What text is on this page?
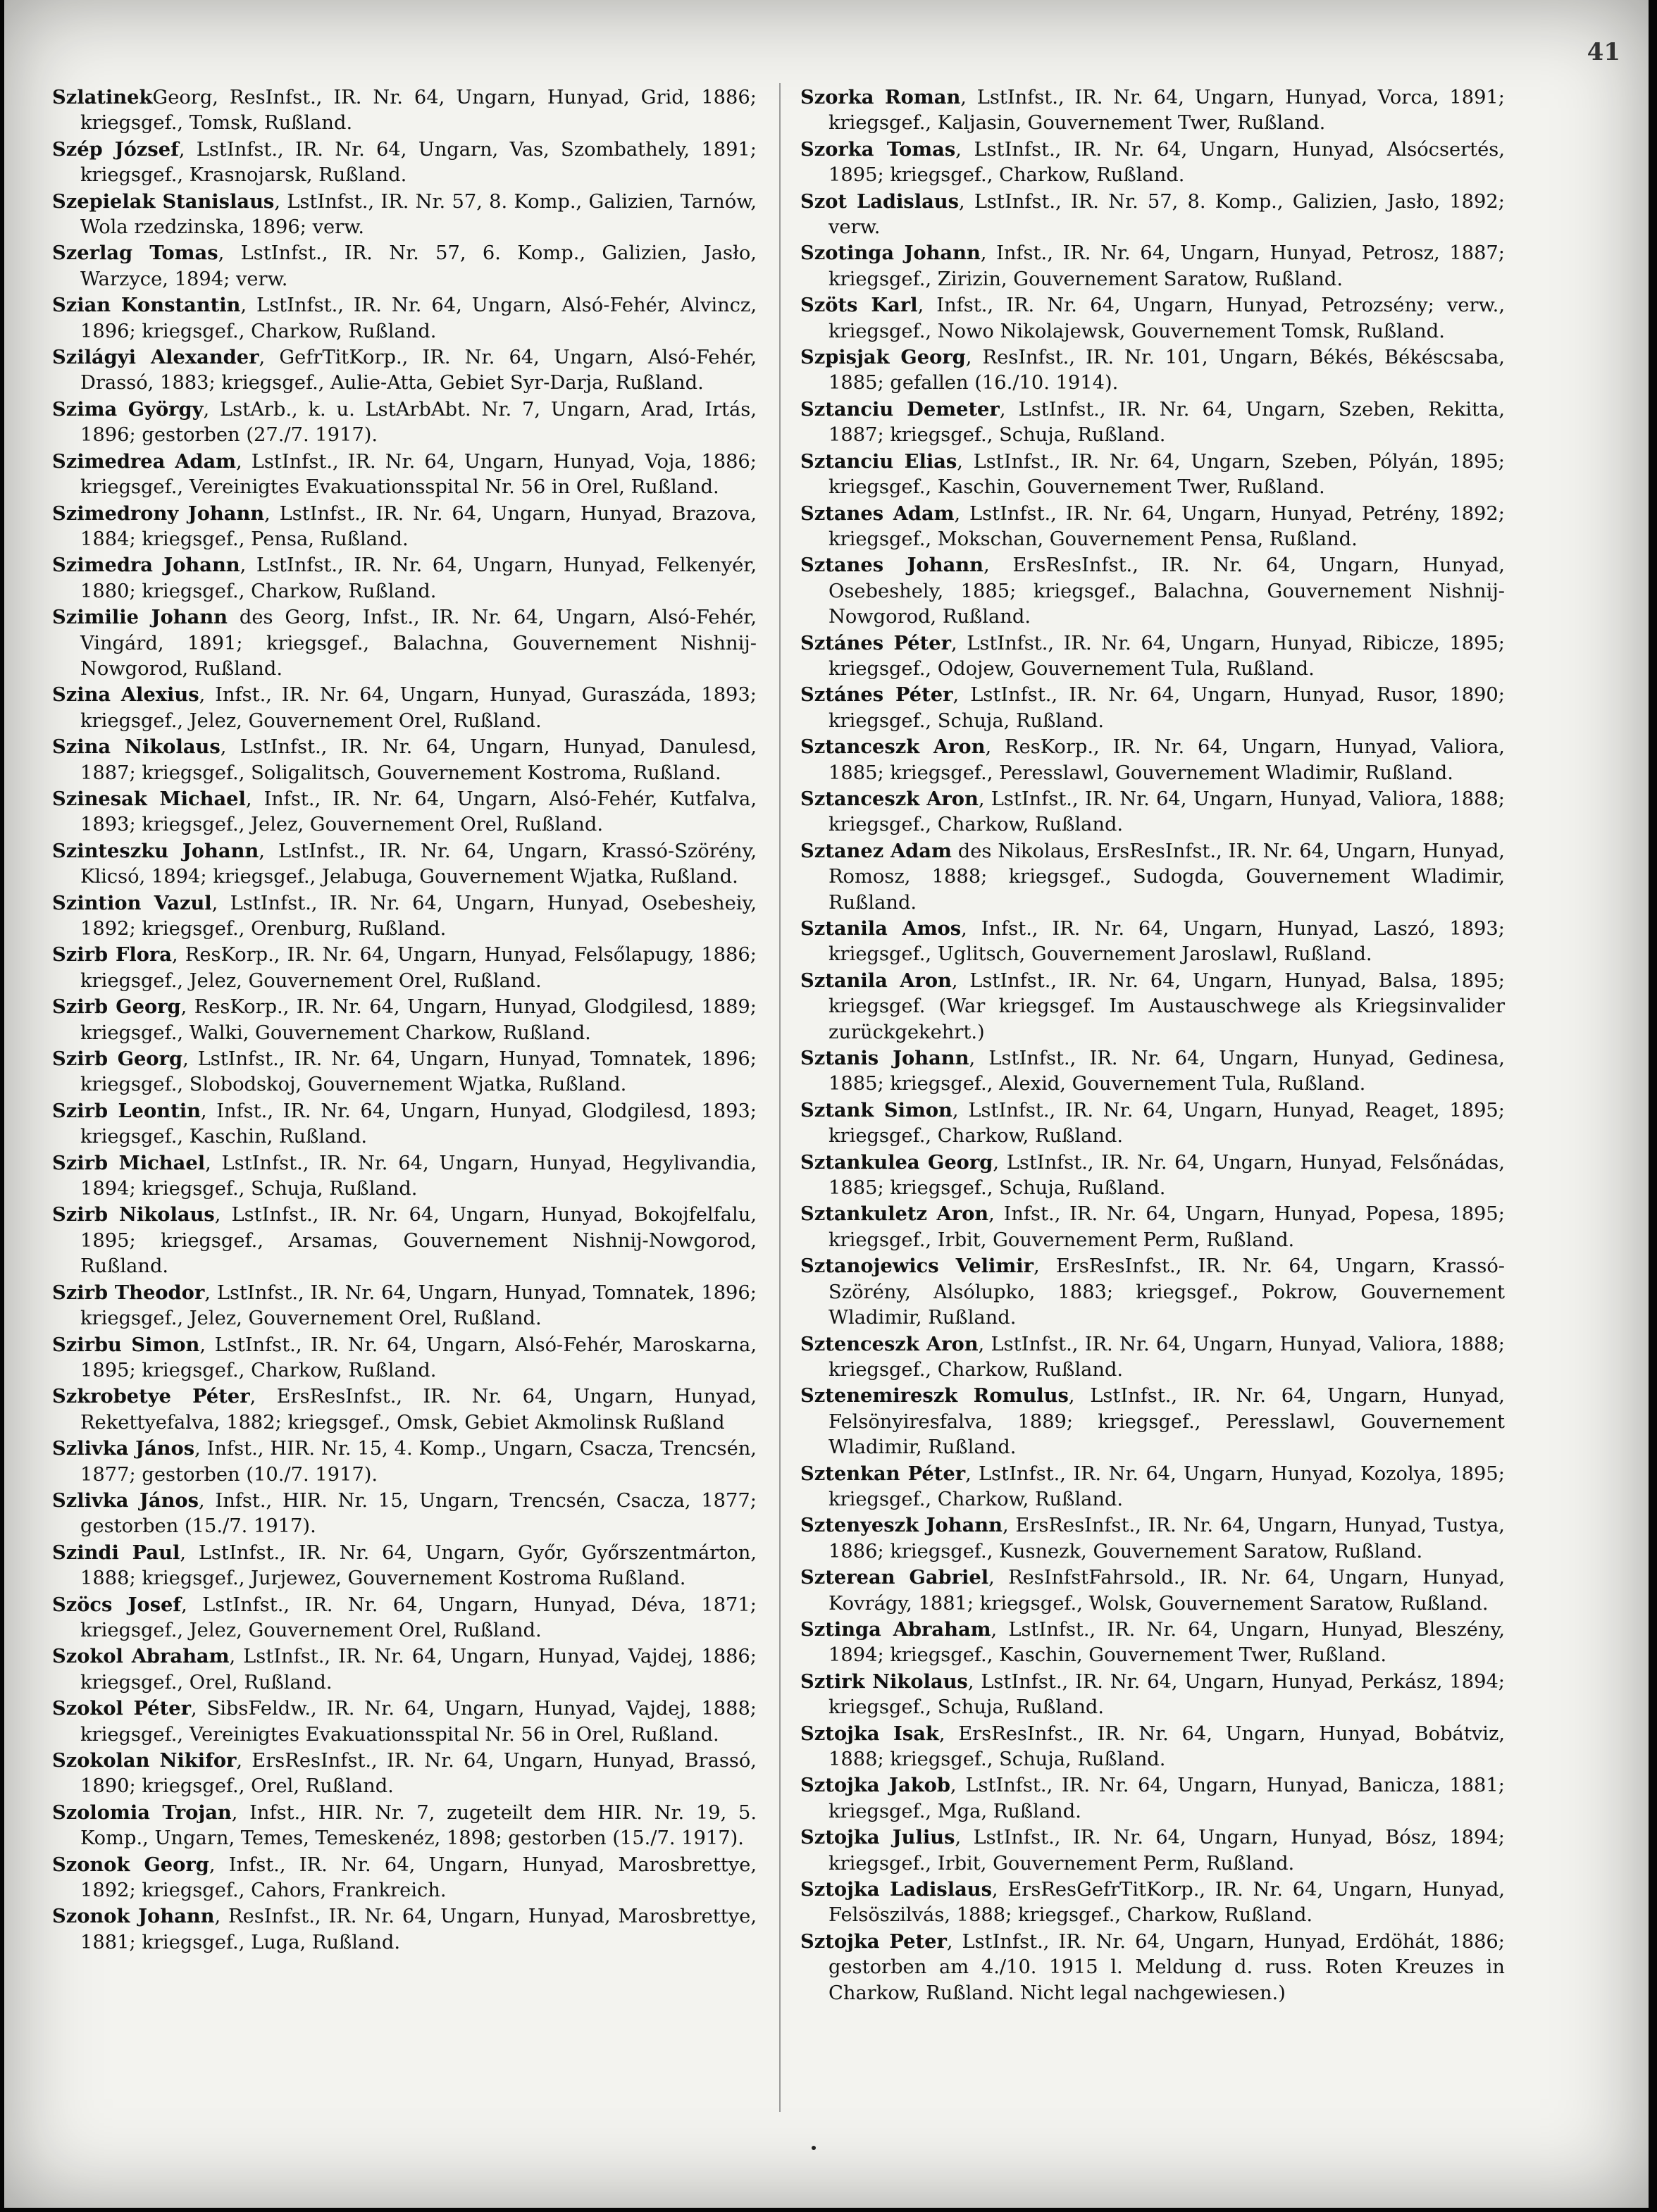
41

SzlatinekGeorg, ResInfst., IR. Nr. 64, Ungarn, Hunyad, Grid, 1886; kriegsgef., Tomsk, Rußland.

Szép József, LstInfst., IR. Nr. 64, Ungarn, Vas, Szombathely, 1891; kriegsgef., Krasnojarsk, Rußland.

Szepielak Stanislaus, LstInfst., IR. Nr. 57, 8. Komp., Galizien, Tarnów, Wola rzedzinska, 1896; verw.

Szerlag Tomas, LstInfst., IR. Nr. 57, 6. Komp., Galizien, Jasło, Warzyce, 1894; verw.

Szian Konstantin, LstInfst., IR. Nr. 64, Ungarn, Alsó-Fehér, Alvincz, 1896; kriegsgef., Charkow, Rußland.

Szilágyi Alexander, GefrTitKorp., IR. Nr. 64, Ungarn, Alsó-Fehér, Drassó, 1883; kriegsgef., Aulie-Atta, Gebiet Syr-Darja, Rußland.

Szima György, LstArb., k. u. LstArbAbt. Nr. 7, Ungarn, Arad, Irtás, 1896; gestorben (27./7. 1917).

Szimedrea Adam, LstInfst., IR. Nr. 64, Ungarn, Hunyad, Voja, 1886; kriegsgef., Vereinigtes Evakuationsspital Nr. 56 in Orel, Rußland.

Szimedrony Johann, LstInfst., IR. Nr. 64, Ungarn, Hunyad, Brazova, 1884; kriegsgef., Pensa, Rußland.

Szimedra Johann, LstInfst., IR. Nr. 64, Ungarn, Hunyad, Felkenyér, 1880; kriegsgef., Charkow, Rußland.

Szimilie Johann des Georg, Infst., IR. Nr. 64, Ungarn, Alsó-Fehér, Vingárd, 1891; kriegsgef., Balachna, Gouvernement Nishnij-Nowgorod, Rußland.

Szina Alexius, Infst., IR. Nr. 64, Ungarn, Hunyad, Guraszáda, 1893; kriegsgef., Jelez, Gouvernement Orel, Rußland.

Szina Nikolaus, LstInfst., IR. Nr. 64, Ungarn, Hunyad, Danulesd, 1887; kriegsgef., Soligalitsch, Gouvernement Kostroma, Rußland.

Szinesak Michael, Infst., IR. Nr. 64, Ungarn, Alsó-Fehér, Kutfalva, 1893; kriegsgef., Jelez, Gouvernement Orel, Rußland.

Szinteszku Johann, LstInfst., IR. Nr. 64, Ungarn, Krassó-Szörény, Klicsó, 1894; kriegsgef., Jelabuga, Gouvernement Wjatka, Rußland.

Szintion Vazul, LstInfst., IR. Nr. 64, Ungarn, Hunyad, Osebesheiy, 1892; kriegsgef., Orenburg, Rußland.

Szirb Flora, ResKorp., IR. Nr. 64, Ungarn, Hunyad, Felsőlapugy, 1886; kriegsgef., Jelez, Gouvernement Orel, Rußland.

Szirb Georg, ResKorp., IR. Nr. 64, Ungarn, Hunyad, Glodgilesd, 1889; kriegsgef., Walki, Gouvernement Charkow, Rußland.

Szirb Georg, LstInfst., IR. Nr. 64, Ungarn, Hunyad, Tomnatek, 1896; kriegsgef., Slobodskoj, Gouvernement Wjatka, Rußland.

Szirb Leontin, Infst., IR. Nr. 64, Ungarn, Hunyad, Glodgilesd, 1893; kriegsgef., Kaschin, Rußland.

Szirb Michael, LstInfst., IR. Nr. 64, Ungarn, Hunyad, Hegylivandia, 1894; kriegsgef., Schuja, Rußland.

Szirb Nikolaus, LstInfst., IR. Nr. 64, Ungarn, Hunyad, Bokojfelfalu, 1895; kriegsgef., Arsamas, Gouvernement Nishnij-Nowgorod, Rußland.

Szirb Theodor, LstInfst., IR. Nr. 64, Ungarn, Hunyad, Tomnatek, 1896; kriegsgef., Jelez, Gouvernement Orel, Rußland.

Szirbu Simon, LstInfst., IR. Nr. 64, Ungarn, Alsó-Fehér, Maroskarna, 1895; kriegsgef., Charkow, Rußland.

Szkrobetye Péter, ErsResInfst., IR. Nr. 64, Ungarn, Hunyad, Rekettyefalva, 1882; kriegsgef., Omsk, Gebiet Akmolinsk Rußland

Szlivka János, Infst., HIR. Nr. 15, 4. Komp., Ungarn, Csacza, Trencsén, 1877; gestorben (10./7. 1917).

Szlivka János, Infst., HIR. Nr. 15, Ungarn, Trencsén, Csacza, 1877; gestorben (15./7. 1917).

Szindi Paul, LstInfst., IR. Nr. 64, Ungarn, Győr, Győrszentmárton, 1888; kriegsgef., Jurjewez, Gouvernement Kostroma Rußland.

Szöcs Josef, LstInfst., IR. Nr. 64, Ungarn, Hunyad, Déva, 1871; kriegsgef., Jelez, Gouvernement Orel, Rußland.

Szokol Abraham, LstInfst., IR. Nr. 64, Ungarn, Hunyad, Vajdej, 1886; kriegsgef., Orel, Rußland.

Szokol Péter, SibsFeldw., IR. Nr. 64, Ungarn, Hunyad, Vajdej, 1888; kriegsgef., Vereinigtes Evakuationsspital Nr. 56 in Orel, Rußland.

Szokolan Nikifor, ErsResInfst., IR. Nr. 64, Ungarn, Hunyad, Brassó, 1890; kriegsgef., Orel, Rußland.

Szolomia Trojan, Infst., HIR. Nr. 7, zugeteilt dem HIR. Nr. 19, 5. Komp., Ungarn, Temes, Temeskenéz, 1898; gestorben (15./7. 1917).

Szonok Georg, Infst., IR. Nr. 64, Ungarn, Hunyad, Marosbrettye, 1892; kriegsgef., Cahors, Frankreich.

Szonok Johann, ResInfst., IR. Nr. 64, Ungarn, Hunyad, Marosbrettye, 1881; kriegsgef., Luga, Rußland.

Szorka Roman, LstInfst., IR. Nr. 64, Ungarn, Hunyad, Vorca, 1891; kriegsgef., Kaljasin, Gouvernement Twer, Rußland.

Szorka Tomas, LstInfst., IR. Nr. 64, Ungarn, Hunyad, Alsócsertés, 1895; kriegsgef., Charkow, Rußland.

Szot Ladislaus, LstInfst., IR. Nr. 57, 8. Komp., Galizien, Jasło, 1892; verw.

Szotinga Johann, Infst., IR. Nr. 64, Ungarn, Hunyad, Petrosz, 1887; kriegsgef., Zirizin, Gouvernement Saratow, Rußland.

Szöts Karl, Infst., IR. Nr. 64, Ungarn, Hunyad, Petrozsény; verw., kriegsgef., Nowo Nikolajewsk, Gouvernement Tomsk, Rußland.

Szpisjak Georg, ResInfst., IR. Nr. 101, Ungarn, Békés, Békéscsaba, 1885; gefallen (16./10. 1914).

Sztanciu Demeter, LstInfst., IR. Nr. 64, Ungarn, Szeben, Rekitta, 1887; kriegsgef., Schuja, Rußland.

Sztanciu Elias, LstInfst., IR. Nr. 64, Ungarn, Szeben, Pólyán, 1895; kriegsgef., Kaschin, Gouvernement Twer, Rußland.

Sztanes Adam, LstInfst., IR. Nr. 64, Ungarn, Hunyad, Petrény, 1892; kriegsgef., Mokschan, Gouvernement Pensa, Rußland.

Sztanes Johann, ErsResInfst., IR. Nr. 64, Ungarn, Hunyad, Osebeshely, 1885; kriegsgef., Balachna, Gouvernement Nishnij-Nowgorod, Rußland.

Sztánes Péter, LstInfst., IR. Nr. 64, Ungarn, Hunyad, Ribicze, 1895; kriegsgef., Odojew, Gouvernement Tula, Rußland.

Sztánes Péter, LstInfst., IR. Nr. 64, Ungarn, Hunyad, Rusor, 1890; kriegsgef., Schuja, Rußland.

Sztanceszk Aron, ResKorp., IR. Nr. 64, Ungarn, Hunyad, Valiora, 1885; kriegsgef., Peresslawl, Gouvernement Wladimir, Rußland.

Sztanceszk Aron, LstInfst., IR. Nr. 64, Ungarn, Hunyad, Valiora, 1888; kriegsgef., Charkow, Rußland.

Sztanez Adam des Nikolaus, ErsResInfst., IR. Nr. 64, Ungarn, Hunyad, Romosz, 1888; kriegsgef., Sudogda, Gouvernement Wladimir, Rußland.

Sztanila Amos, Infst., IR. Nr. 64, Ungarn, Hunyad, Laszó, 1893; kriegsgef., Uglitsch, Gouvernement Jaroslawl, Rußland.

Sztanila Aron, LstInfst., IR. Nr. 64, Ungarn, Hunyad, Balsa, 1895; kriegsgef. (War kriegsgef. Im Austauschwege als Kriegsinvalider zurückgekehrt.)

Sztanis Johann, LstInfst., IR. Nr. 64, Ungarn, Hunyad, Gedinesa, 1885; kriegsgef., Alexid, Gouvernement Tula, Rußland.

Sztank Simon, LstInfst., IR. Nr. 64, Ungarn, Hunyad, Reaget, 1895; kriegsgef., Charkow, Rußland.

Sztankulea Georg, LstInfst., IR. Nr. 64, Ungarn, Hunyad, Felsőnádas, 1885; kriegsgef., Schuja, Rußland.

Sztankuletz Aron, Infst., IR. Nr. 64, Ungarn, Hunyad, Popesa, 1895; kriegsgef., Irbit, Gouvernement Perm, Rußland.

Sztanojewics Velimir, ErsResInfst., IR. Nr. 64, Ungarn, Krassó-Szörény, Alsólupko, 1883; kriegsgef., Pokrow, Gouvernement Wladimir, Rußland.

Sztenceszk Aron, LstInfst., IR. Nr. 64, Ungarn, Hunyad, Valiora, 1888; kriegsgef., Charkow, Rußland.

Sztenemireszk Romulus, LstInfst., IR. Nr. 64, Ungarn, Hunyad, Felsönyiresfalva, 1889; kriegsgef., Peresslawl, Gouvernement Wladimir, Rußland.

Sztenkan Péter, LstInfst., IR. Nr. 64, Ungarn, Hunyad, Kozolya, 1895; kriegsgef., Charkow, Rußland.

Sztenyeszk Johann, ErsResInfst., IR. Nr. 64, Ungarn, Hunyad, Tustya, 1886; kriegsgef., Kusnezk, Gouvernement Saratow, Rußland.

Szterean Gabriel, ResInfstFahrsold., IR. Nr. 64, Ungarn, Hunyad, Kovrágy, 1881; kriegsgef., Wolsk, Gouvernement Saratow, Rußland.

Sztinga Abraham, LstInfst., IR. Nr. 64, Ungarn, Hunyad, Bleszény, 1894; kriegsgef., Kaschin, Gouvernement Twer, Rußland.

Sztirk Nikolaus, LstInfst., IR. Nr. 64, Ungarn, Hunyad, Perkász, 1894; kriegsgef., Schuja, Rußland.

Sztojka Isak, ErsResInfst., IR. Nr. 64, Ungarn, Hunyad, Bobátviz, 1888; kriegsgef., Schuja, Rußland.

Sztojka Jakob, LstInfst., IR. Nr. 64, Ungarn, Hunyad, Banicza, 1881; kriegsgef., Mga, Rußland.

Sztojka Julius, LstInfst., IR. Nr. 64, Ungarn, Hunyad, Bósz, 1894; kriegsgef., Irbit, Gouvernement Perm, Rußland.

Sztojka Ladislaus, ErsResGefrTitKorp., IR. Nr. 64, Ungarn, Hunyad, Felsöszilvás, 1888; kriegsgef., Charkow, Rußland.

Sztojka Peter, LstInfst., IR. Nr. 64, Ungarn, Hunyad, Erdöhát, 1886; gestorben am 4./10. 1915 l. Meldung d. russ. Roten Kreuzes in Charkow, Rußland. Nicht legal nachgewiesen.)
